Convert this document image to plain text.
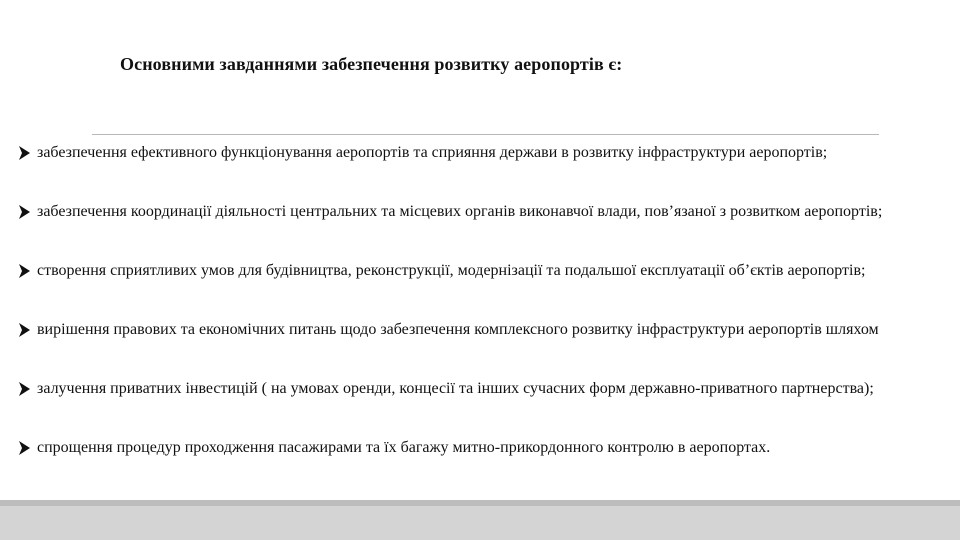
Основними завданнями забезпечення розвитку аеропортів є:
забезпечення ефективного функціонування аеропортів та сприяння держави в розвитку інфраструктури аеропортів;
забезпечення координації діяльності центральних та місцевих органів виконавчої влади, пов’язаної з розвитком аеропортів;
створення сприятливих умов для будівництва, реконструкції, модернізації та подальшої експлуатації об’єктів аеропортів;
вирішення правових та економічних питань щодо забезпечення комплексного розвитку інфраструктури аеропортів шляхом
залучення приватних інвестицій ( на умовах оренди, концесії та інших сучасних форм державно-приватного партнерства);
спрощення процедур проходження пасажирами та їх багажу митно-прикордонного контролю в аеропортах.
